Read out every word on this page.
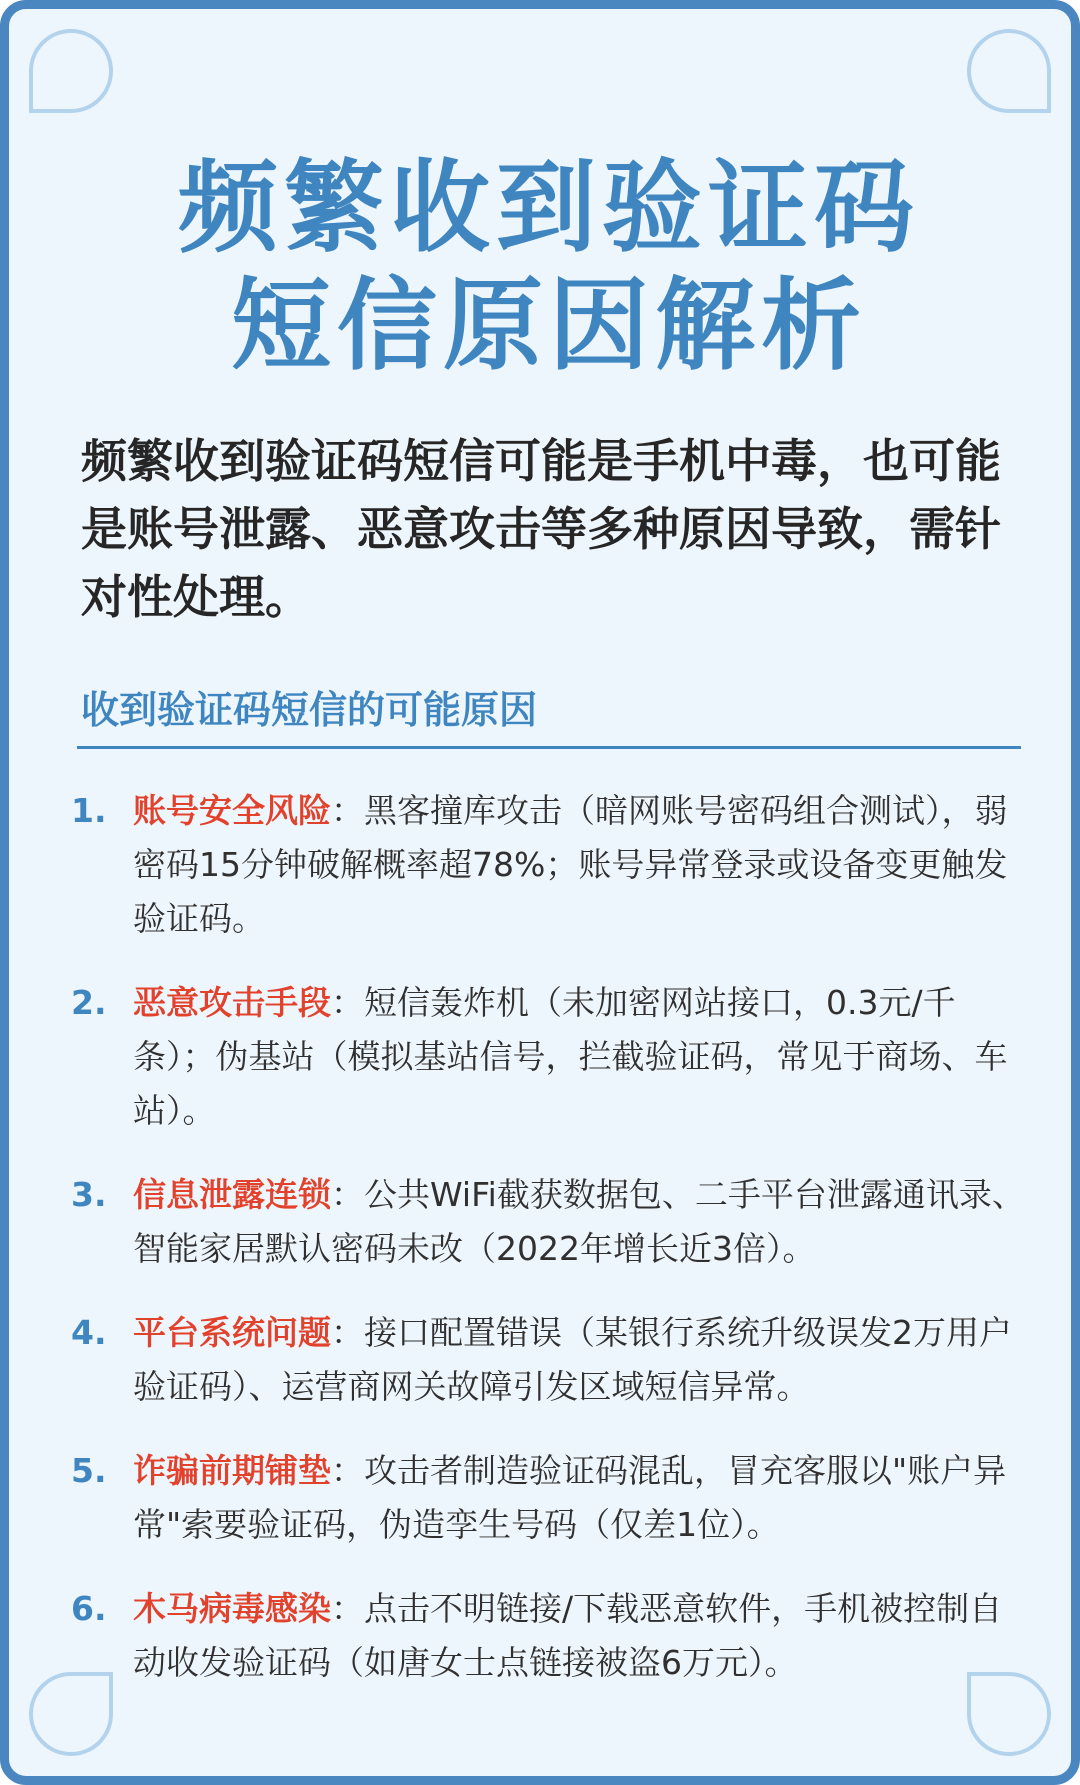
频繁收到验证码
短信原因解析
频繁收到验证码短信可能是手机中毒，也可能是账号泄露、恶意攻击等多种原因导致，需针对性处理。
收到验证码短信的可能原因
1. 账号安全风险：黑客撞库攻击（暗网账号密码组合测试），弱密码15分钟破解概率超78%；账号异常登录或设备变更触发验证码。
2. 恶意攻击手段：短信轰炸机（未加密网站接口，0.3元/千条）；伪基站（模拟基站信号，拦截验证码，常见于商场、车站）。
3. 信息泄露连锁：公共WiFi截获数据包、二手平台泄露通讯录、智能家居默认密码未改（2022年增长近3倍）。
4. 平台系统问题：接口配置错误（某银行系统升级误发2万用户验证码）、运营商网关故障引发区域短信异常。
5. 诈骗前期铺垫：攻击者制造验证码混乱，冒充客服以"账户异常"索要验证码，伪造孪生号码（仅差1位）。
6. 木马病毒感染：点击不明链接/下载恶意软件，手机被控制自动收发验证码（如唐女士点链接被盗6万元）。
